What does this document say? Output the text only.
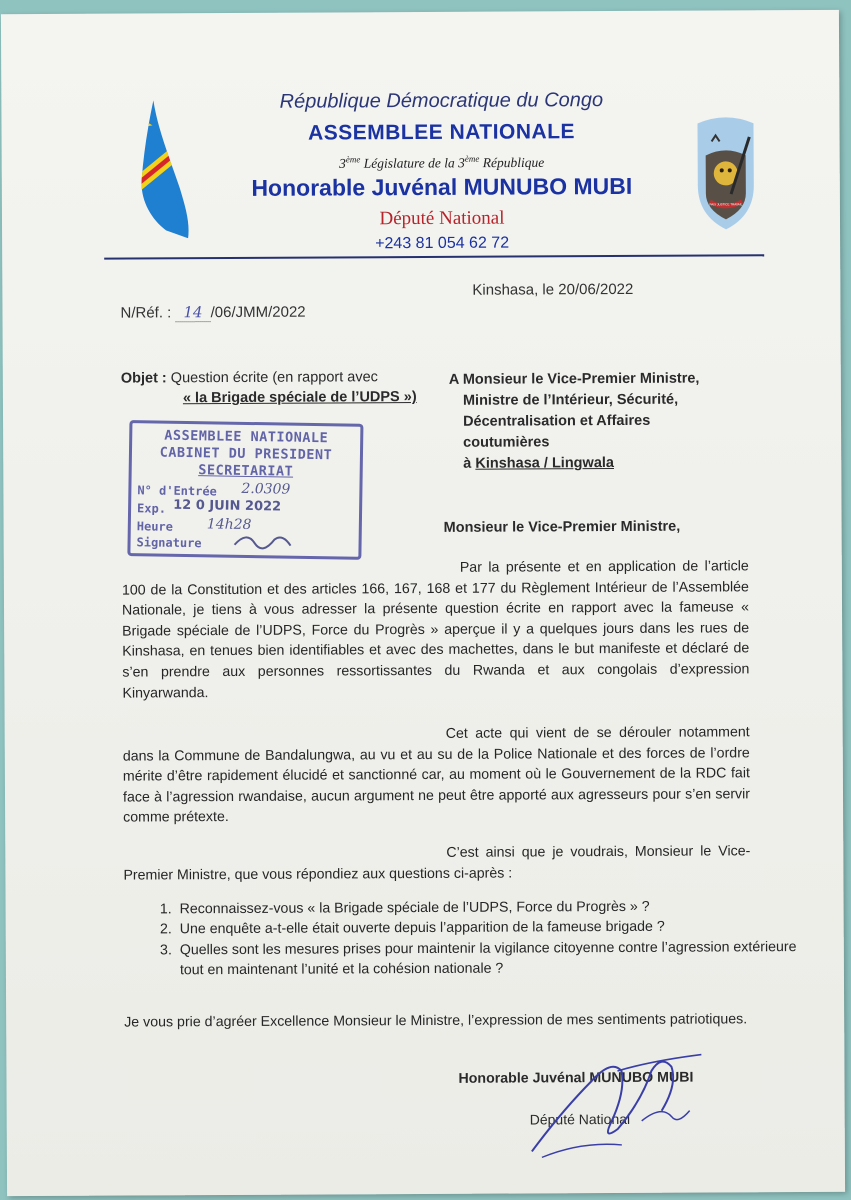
République Démocratique du Congo
ASSEMBLEE NATIONALE
3ème Législature de la 3ème République
Honorable Juvénal MUNUBO MUBI
Député National
+243 81 054 62 72
PAIX JUSTICE TRAVAIL
Kinshasa, le 20/06/2022
N/Réf. : 14 /06/JMM/2022
Objet : Question écrite (en rapport avec
« la Brigade spéciale de l’UDPS »)
A Monsieur le Vice-Premier Ministre,
Ministre de l’Intérieur, Sécurité,
Décentralisation et Affaires
coutumières
à Kinshasa / Lingwala
ASSEMBLEE NATIONALE
CABINET DU PRESIDENT
SECRETARIAT
N° d'Entrée
Exp.
Heure
Signature
2.0309
12 0 JUIN 2022
14h28	Monsieur le Vice-Premier Ministre,
Par la présente et en application de l’article 100 de la Constitution et des articles 166, 167, 168 et 177 du Règlement Intérieur de l’Assemblée Nationale, je tiens à vous adresser la présente question écrite en rapport avec la fameuse « Brigade spéciale de l’UDPS, Force du Progrès » aperçue il y a quelques jours dans les rues de Kinshasa, en tenues bien identifiables et avec des machettes, dans le but manifeste et déclaré de s’en prendre aux personnes ressortissantes du Rwanda et aux congolais d’expression Kinyarwanda.
Cet acte qui vient de se dérouler notamment dans la Commune de Bandalungwa, au vu et au su de la Police Nationale et des forces de l’ordre mérite d’être rapidement élucidé et sanctionné car, au moment où le Gouvernement de la RDC fait face à l’agression rwandaise, aucun argument ne peut être apporté aux agresseurs pour s’en servir comme prétexte.
C’est ainsi que je voudrais, Monsieur le Vice-Premier Ministre, que vous répondiez aux questions ci-après :
1. Reconnaissez-vous « la Brigade spéciale de l’UDPS, Force du Progrès » ?
2. Une enquête a-t-elle était ouverte depuis l’apparition de la fameuse brigade ?
3. Quelles sont les mesures prises pour maintenir la vigilance citoyenne contre l’agression extérieure tout en maintenant l’unité et la cohésion nationale ?
Je vous prie d’agréer Excellence Monsieur le Ministre, l’expression de mes sentiments patriotiques.
Honorable Juvénal MUNUBO MUBI
Député National
